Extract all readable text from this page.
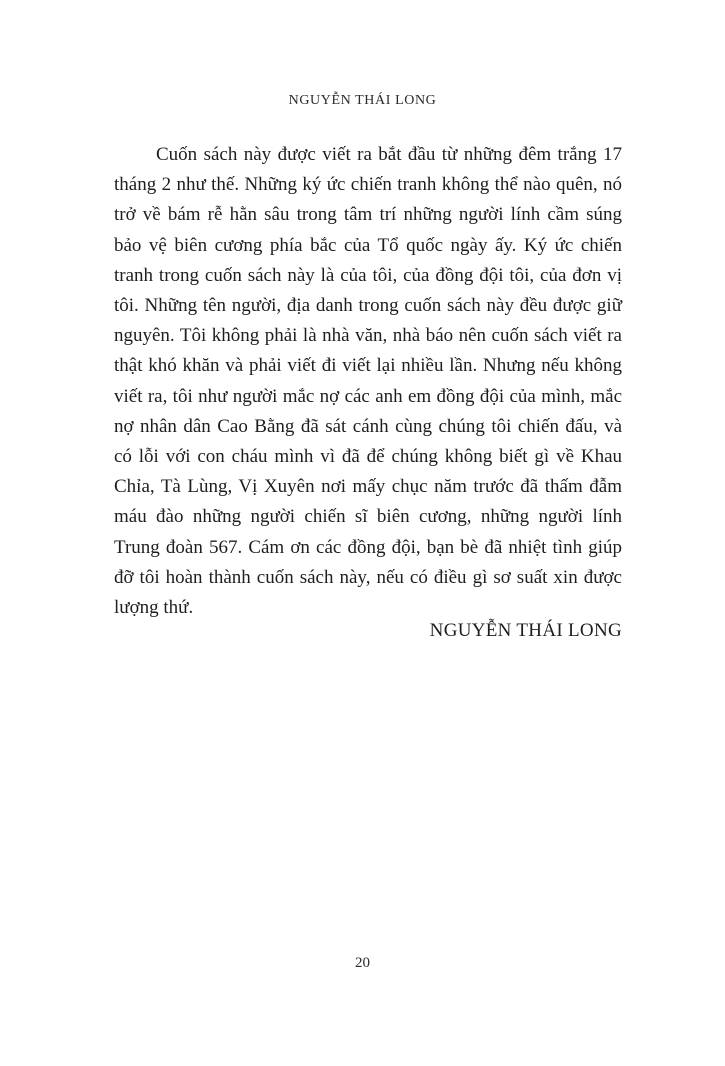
NGUYỄN THÁI LONG

Cuốn sách này được viết ra bắt đầu từ những đêm trắng 17 tháng 2 như thế. Những ký ức chiến tranh không thể nào quên, nó trở về bám rễ hằn sâu trong tâm trí những người lính cầm súng bảo vệ biên cương phía bắc của Tổ quốc ngày ấy. Ký ức chiến tranh trong cuốn sách này là của tôi, của đồng đội tôi, của đơn vị tôi. Những tên người, địa danh trong cuốn sách này đều được giữ nguyên. Tôi không phải là nhà văn, nhà báo nên cuốn sách viết ra thật khó khăn và phải viết đi viết lại nhiều lần. Nhưng nếu không viết ra, tôi như người mắc nợ các anh em đồng đội của mình, mắc nợ nhân dân Cao Bằng đã sát cánh cùng chúng tôi chiến đấu, và có lỗi với con cháu mình vì đã để chúng không biết gì về Khau Chỉa, Tà Lùng, Vị Xuyên nơi mấy chục năm trước đã thấm đẫm máu đào những người chiến sĩ biên cương, những người lính Trung đoàn 567. Cám ơn các đồng đội, bạn bè đã nhiệt tình giúp đỡ tôi hoàn thành cuốn sách này, nếu có điều gì sơ suất xin được lượng thứ.

NGUYỄN THÁI LONG
20
